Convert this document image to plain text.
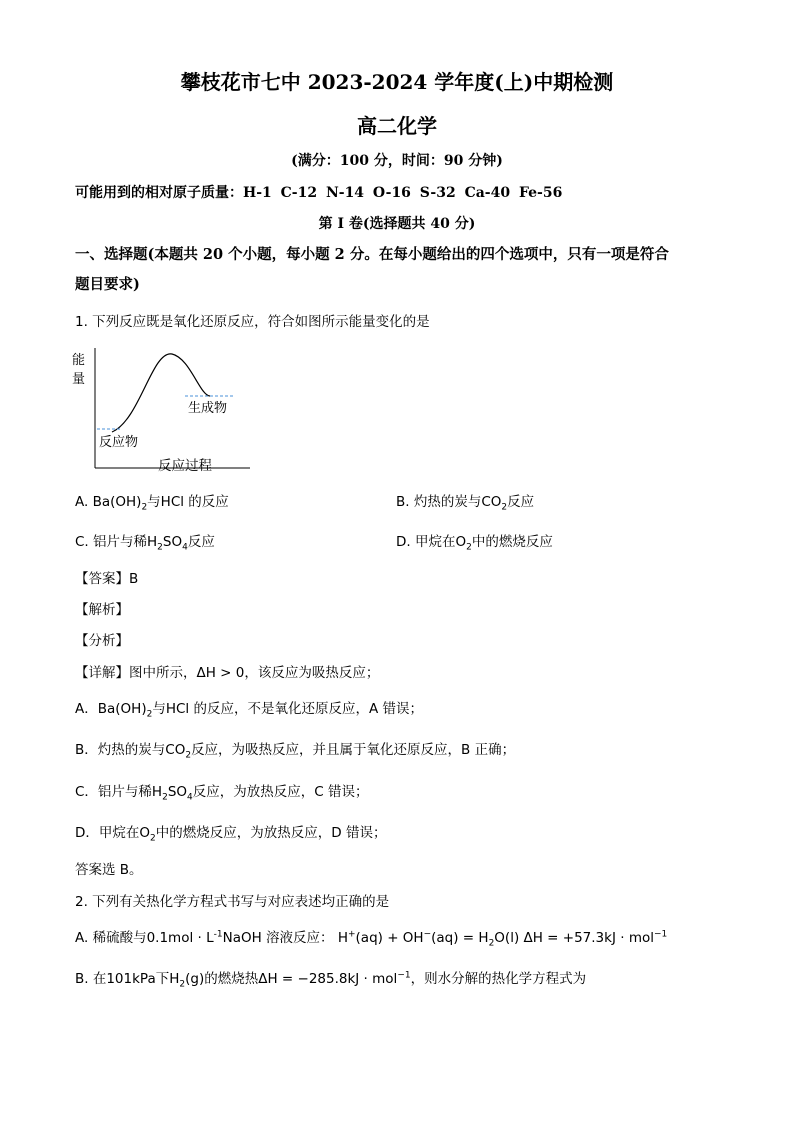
攀枝花市七中 2023-2024 学年度(上)中期检测
高二化学
(满分：100 分，时间：90 分钟)
可能用到的相对原子质量：H-1 C-12 N-14 O-16 S-32 Ca-40 Fe-56
第 I 卷(选择题共 40 分)
一、选择题(本题共 20 个小题，每小题 2 分。在每小题给出的四个选项中，只有一项是符合
题目要求)
1. 下列反应既是氧化还原反应，符合如图所示能量变化的是
能
量
生成物
反应物
反应过程
A. $Ba(OH)_2$与HCl 的反应	B. 灼热的炭与$CO_2$反应
C. 铝片与稀$H_2SO_4$反应	D. 甲烷在$O_2$中的燃烧反应
【答案】B
【解析】
【分析】
【详解】图中所示，ΔH > 0，该反应为吸热反应；
A．$Ba(OH)_2$与HCl 的反应，不是氧化还原反应，A 错误；
B．灼热的炭与$CO_2$反应，为吸热反应，并且属于氧化还原反应，B 正确；
C．铝片与稀$H_2SO_4$反应，为放热反应，C 错误；
D．甲烷在$O_2$中的燃烧反应，为放热反应，D 错误；
答案选 B。
2. 下列有关热化学方程式书写与对应表述均正确的是
A. 稀硫酸与$0.1mol \cdot L^{-1}NaOH$ 溶液反应： $H^+(aq) + OH^-(aq) = H_2O(l) \Delta H = +57.3kJ \cdot mol^{-1}$
B. 在101kPa下$H_2(g)$的燃烧热ΔH = −285.8kJ · mol$^{-1}$，则水分解的热化学方程式为
